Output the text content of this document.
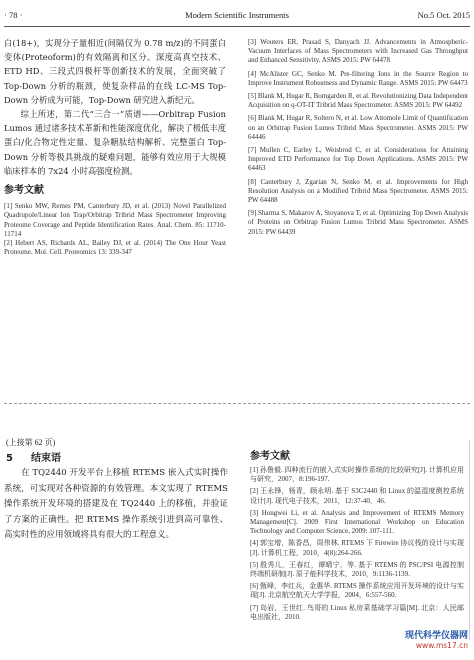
· 78 ·	Modern Scientific Instruments	No.5 Oct. 2015

白(18+)，实现分子量相近(间隔仅为 0.78 m/z)的不同蛋白变体(Proteoform)的有效隔离和区分。深度高真空技术、ETD HD、三段式四极杆等创新技术的发展，全面突破了 Top-Down 分析的瓶颈，使复杂样品的在线 LC-MS Top-Down 分析成为可能，Top-Down 研究进入新纪元。

综上所述，第二代“三合一”质谱——Orbitrap Fusion Lumos 通过诸多技术革新和性能深度优化，解决了极低丰度蛋白/化合物定性定量、复杂糖肽结构解析、完整蛋白 Top-Down 分析等极具挑战的疑难问题，能够有效应用于大规模临床样本的 7x24 小时高强度检测。

参考文献

[1] Senko MW, Remes PM, Canterbury JD, et al. (2013) Novel Parallelized Quadrupole/Linear Ion Trap/Orbitrap Tribrid Mass Spectrometer Improving Proteome Coverage and Peptide Identification Rates. Anal. Chem. 85: 11710-11714

[2] Hebert AS, Richards AL, Bailey DJ, et al. (2014) The One Hour Yeast Proteome. Mol. Cell. Proteomics 13: 339-347

[3] Wouters ER, Prasad S, Danyach JJ. Advancements in Atmospheric-Vacuum Interfaces of Mass Spectrometers with Increased Gas Throughput and Enhanced Sensitivity. ASMS 2015: PW 64478

[4] McAlister GC, Senko M. Pre-filtering Ions in the Source Region to Improve Instrument Robustness and Dynamic Range. ASMS 2015: PW 64473

[5] Blank M, Hugar R, Bomgarden R, et al. Revolutionizing Data Independent Acquisition on q-OT-IT Tribrid Mass Spectrometer. ASMS 2015: PW 64492

[6] Blank M, Hugar R, Soltero N, et al. Low Attomole Limit of Quantification on an Orbitrap Fusion Lumos Tribrid Mass Spectrometer. ASMS 2015: PW 64446

[7] Mullen C, Earley L, Weisbrod C, et al. Considerations for Attaining Improved ETD Performance for Top Down Applications. ASMS 2015: PW 64463

[8] Canterbury J, Zgarian N, Senko M, et al. Improvements for High Resolution Analysis on a Modified Tribrid Mass Spectrometer. ASMS 2015: PW 64488

[9] Sharma S, Makarov A, Stoyanova T, et al. Optimizing Top Down Analysis of Proteins on Orbitrap Fusion Lumos Tribrid Mass Spectrometer. ASMS 2015: PW 64439

(上接第 62 页)
5 结束语

在 TQ2440 开发平台上移植 RTEMS 嵌入式实时操作系统，可实现对各种资源的有效管理。本文实现了 RTEMS 操作系统开发环境的搭建及在 TQ2440 上的移植，并验证了方案的正确性。把 RTEMS 操作系统引进到高可靠性、高实时性的应用领域将具有很大的工程意义。

参考文献

[1] 孙鲁毅. 四种流行的嵌入式实时操作系统的比较研究[J]. 计算机应用与研究，2007，8:196-197.

[2] 王永锋，杨青，顾永明. 基于 S3C2440 和 Linux 的温湿度测控系统设计[J]. 现代电子技术，2011，12:37-40，46.

[3] Hongwei Li, et al. Analysis and Improvement of RTEMS Memory Management[C]. 2009 First International Workshop on Education Technology and Computer Science, 2009: 107-111.

[4] 郭宝增，陈香昌，周伟林. RTEMS 下 Firewire 协议栈的设计与实现[J]. 计算机工程，2010，4(8):264-266.

[5] 殷秀儿，王春红，谭晴宁，等. 基于 RTEMS 的 PSC/PSI 电源控制终端机研制[J]. 原子能科学技术，2010，9:1136-1139.

[6] 甄峰，李红兵，金惠华. RTEMS 操作系统应用开发环境的设计与实现[J]. 北京航空航天大学学报，2004，6:557-560.

[7] 岛岩，王世红. 鸟哥的 Linux 私房菜基础学习篇[M]. 北京：人民邮电出版社，2010.

现代科学仪器网
www.ms17.cn
